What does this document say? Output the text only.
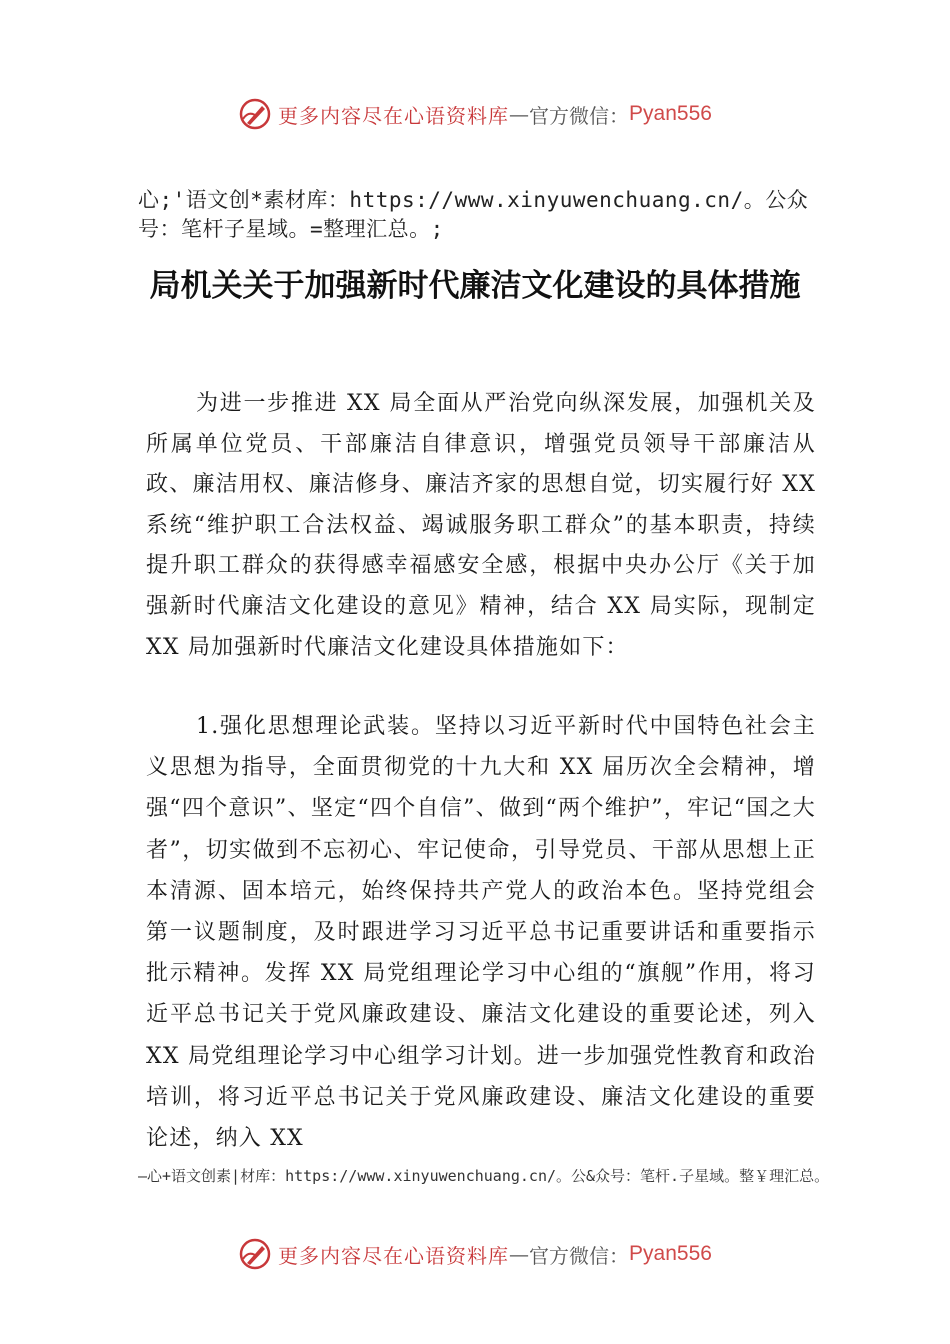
更多内容尽在心语资料库 — 官方微信： Pyan556
心;'语文创*素材库：https://www.xinyuwenchuang.cn/。公众号：笔杆子星域。=整理汇总。;
局机关关于加强新时代廉洁文化建设的具体措施

为进一步推进 XX 局全面从严治党向纵深发展，加强机关及所属单位党员、干部廉洁自律意识，增强党员领导干部廉洁从政、廉洁用权、廉洁修身、廉洁齐家的思想自觉，切实履行好 XX 系统“维护职工合法权益、竭诚服务职工群众”的基本职责，持续提升职工群众的获得感幸福感安全感，根据中央办公厅《关于加强新时代廉洁文化建设的意见》精神，结合 XX 局实际，现制定 XX 局加强新时代廉洁文化建设具体措施如下：

1.强化思想理论武装。坚持以习近平新时代中国特色社会主义思想为指导，全面贯彻党的十九大和 XX 届历次全会精神，增强“四个意识”、坚定“四个自信”、做到“两个维护”，牢记“国之大者”，切实做到不忘初心、牢记使命，引导党员、干部从思想上正本清源、固本培元，始终保持共产党人的政治本色。坚持党组会第一议题制度，及时跟进学习习近平总书记重要讲话和重要指示批示精神。发挥 XX 局党组理论学习中心组的“旗舰”作用，将习近平总书记关于党风廉政建设、廉洁文化建设的重要论述，列入 XX 局党组理论学习中心组学习计划。进一步加强党性教育和政治培训，将习近平总书记关于党风廉政建设、廉洁文化建设的重要论述，纳入 XX

—心+语文创素|材库：https://www.xinyuwenchuang.cn/。公&众号：笔杆.子星域。整￥理汇总。
更多内容尽在心语资料库 — 官方微信： Pyan556
